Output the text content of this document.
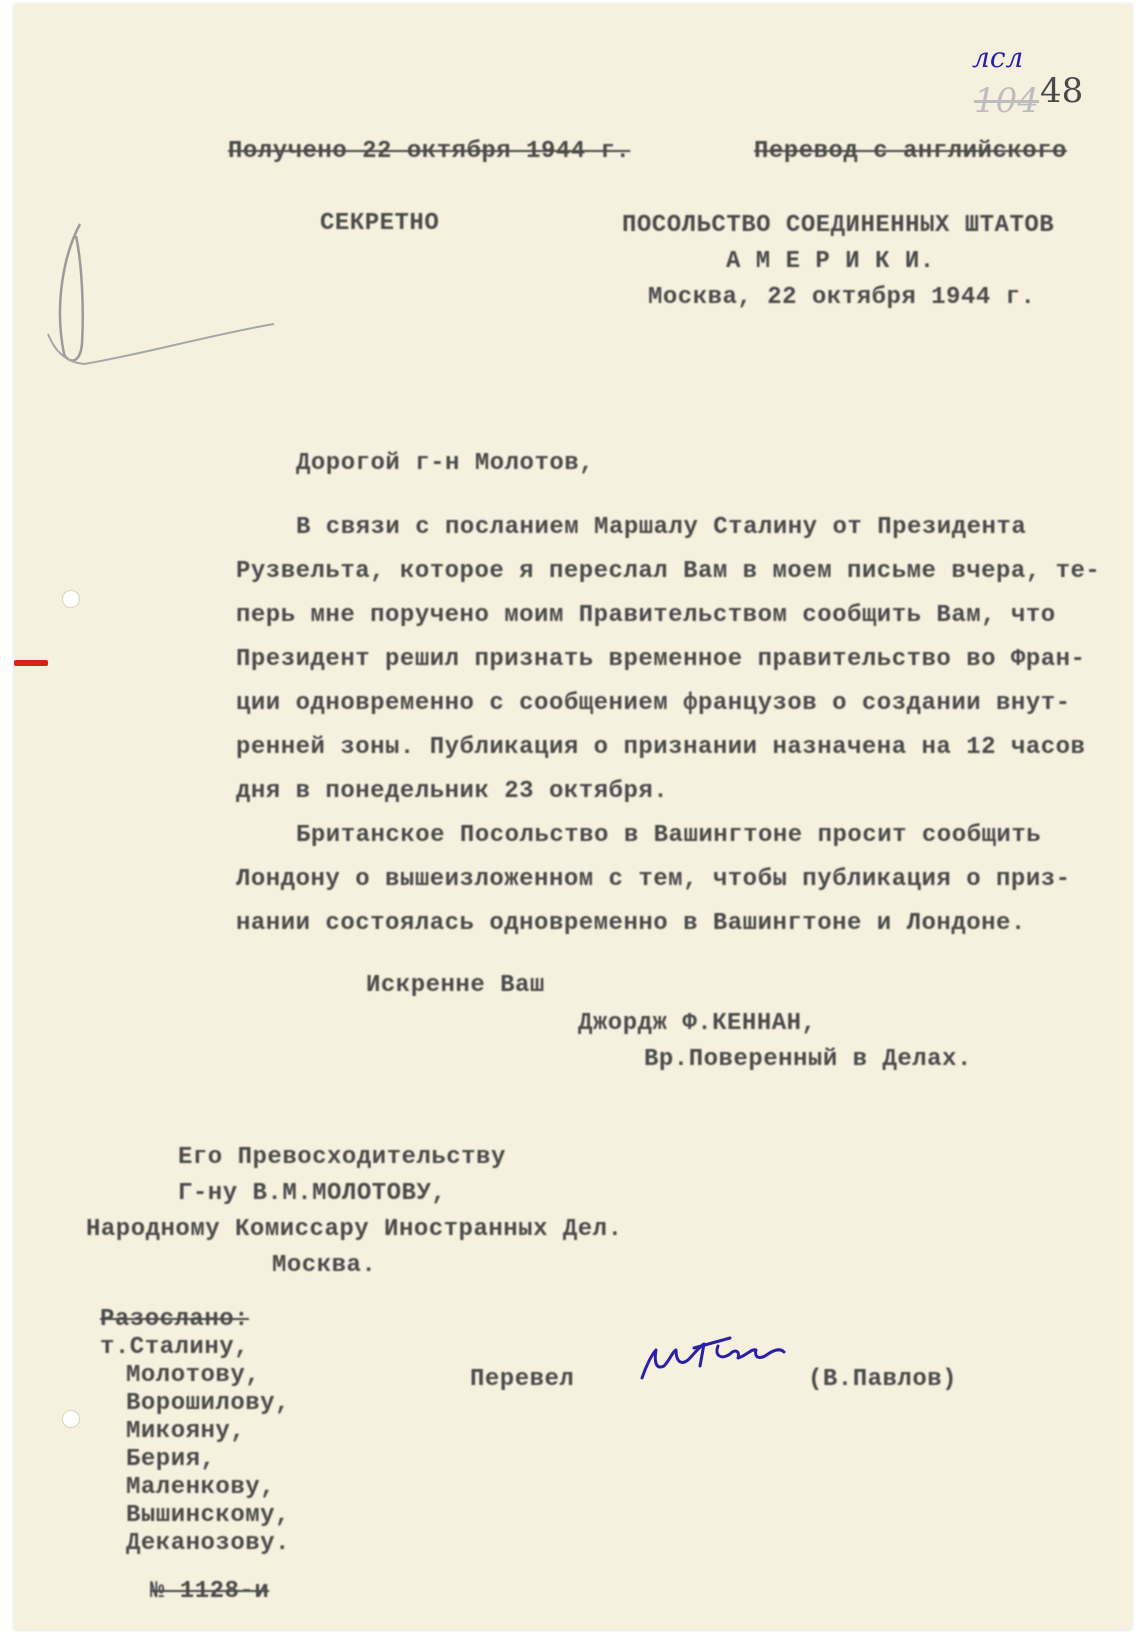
лсл
104 48
Получено 22 октября 1944 г.	Перевод с английского
СЕКРЕТНО	ПОСОЛЬСТВО СОЕДИНЕННЫХ ШТАТОВ
А М Е Р И К И.
Москва, 22 октября 1944 г.
Дорогой г-н Молотов,
В связи с посланием Маршалу Сталину от Президента
Рузвельта, которое я переслал Вам в моем письме вчера, те-
перь мне поручено моим Правительством сообщить Вам, что
Президент решил признать временное правительство во Фран-
ции одновременно с сообщением французов о создании внут-
ренней зоны. Публикация о признании назначена на 12 часов
дня в понедельник 23 октября.
Британское Посольство в Вашингтоне просит сообщить
Лондону о вышеизложенном с тем, чтобы публикация о приз-
нании состоялась одновременно в Вашингтоне и Лондоне.
Искренне Ваш
Джордж Ф.КЕННАН,
Вр.Поверенный в Делах.
Его Превосходительству
Г-ну В.М.МОЛОТОВУ,
Народному Комиссару Иностранных Дел.
Москва.
Разослано:
т.Сталину,
Молотову,
Ворошилову,
Микояну,
Берия,
Маленкову,
Вышинскому,
Деканозову.
№ 1128-и
Перевел	(В.Павлов)
